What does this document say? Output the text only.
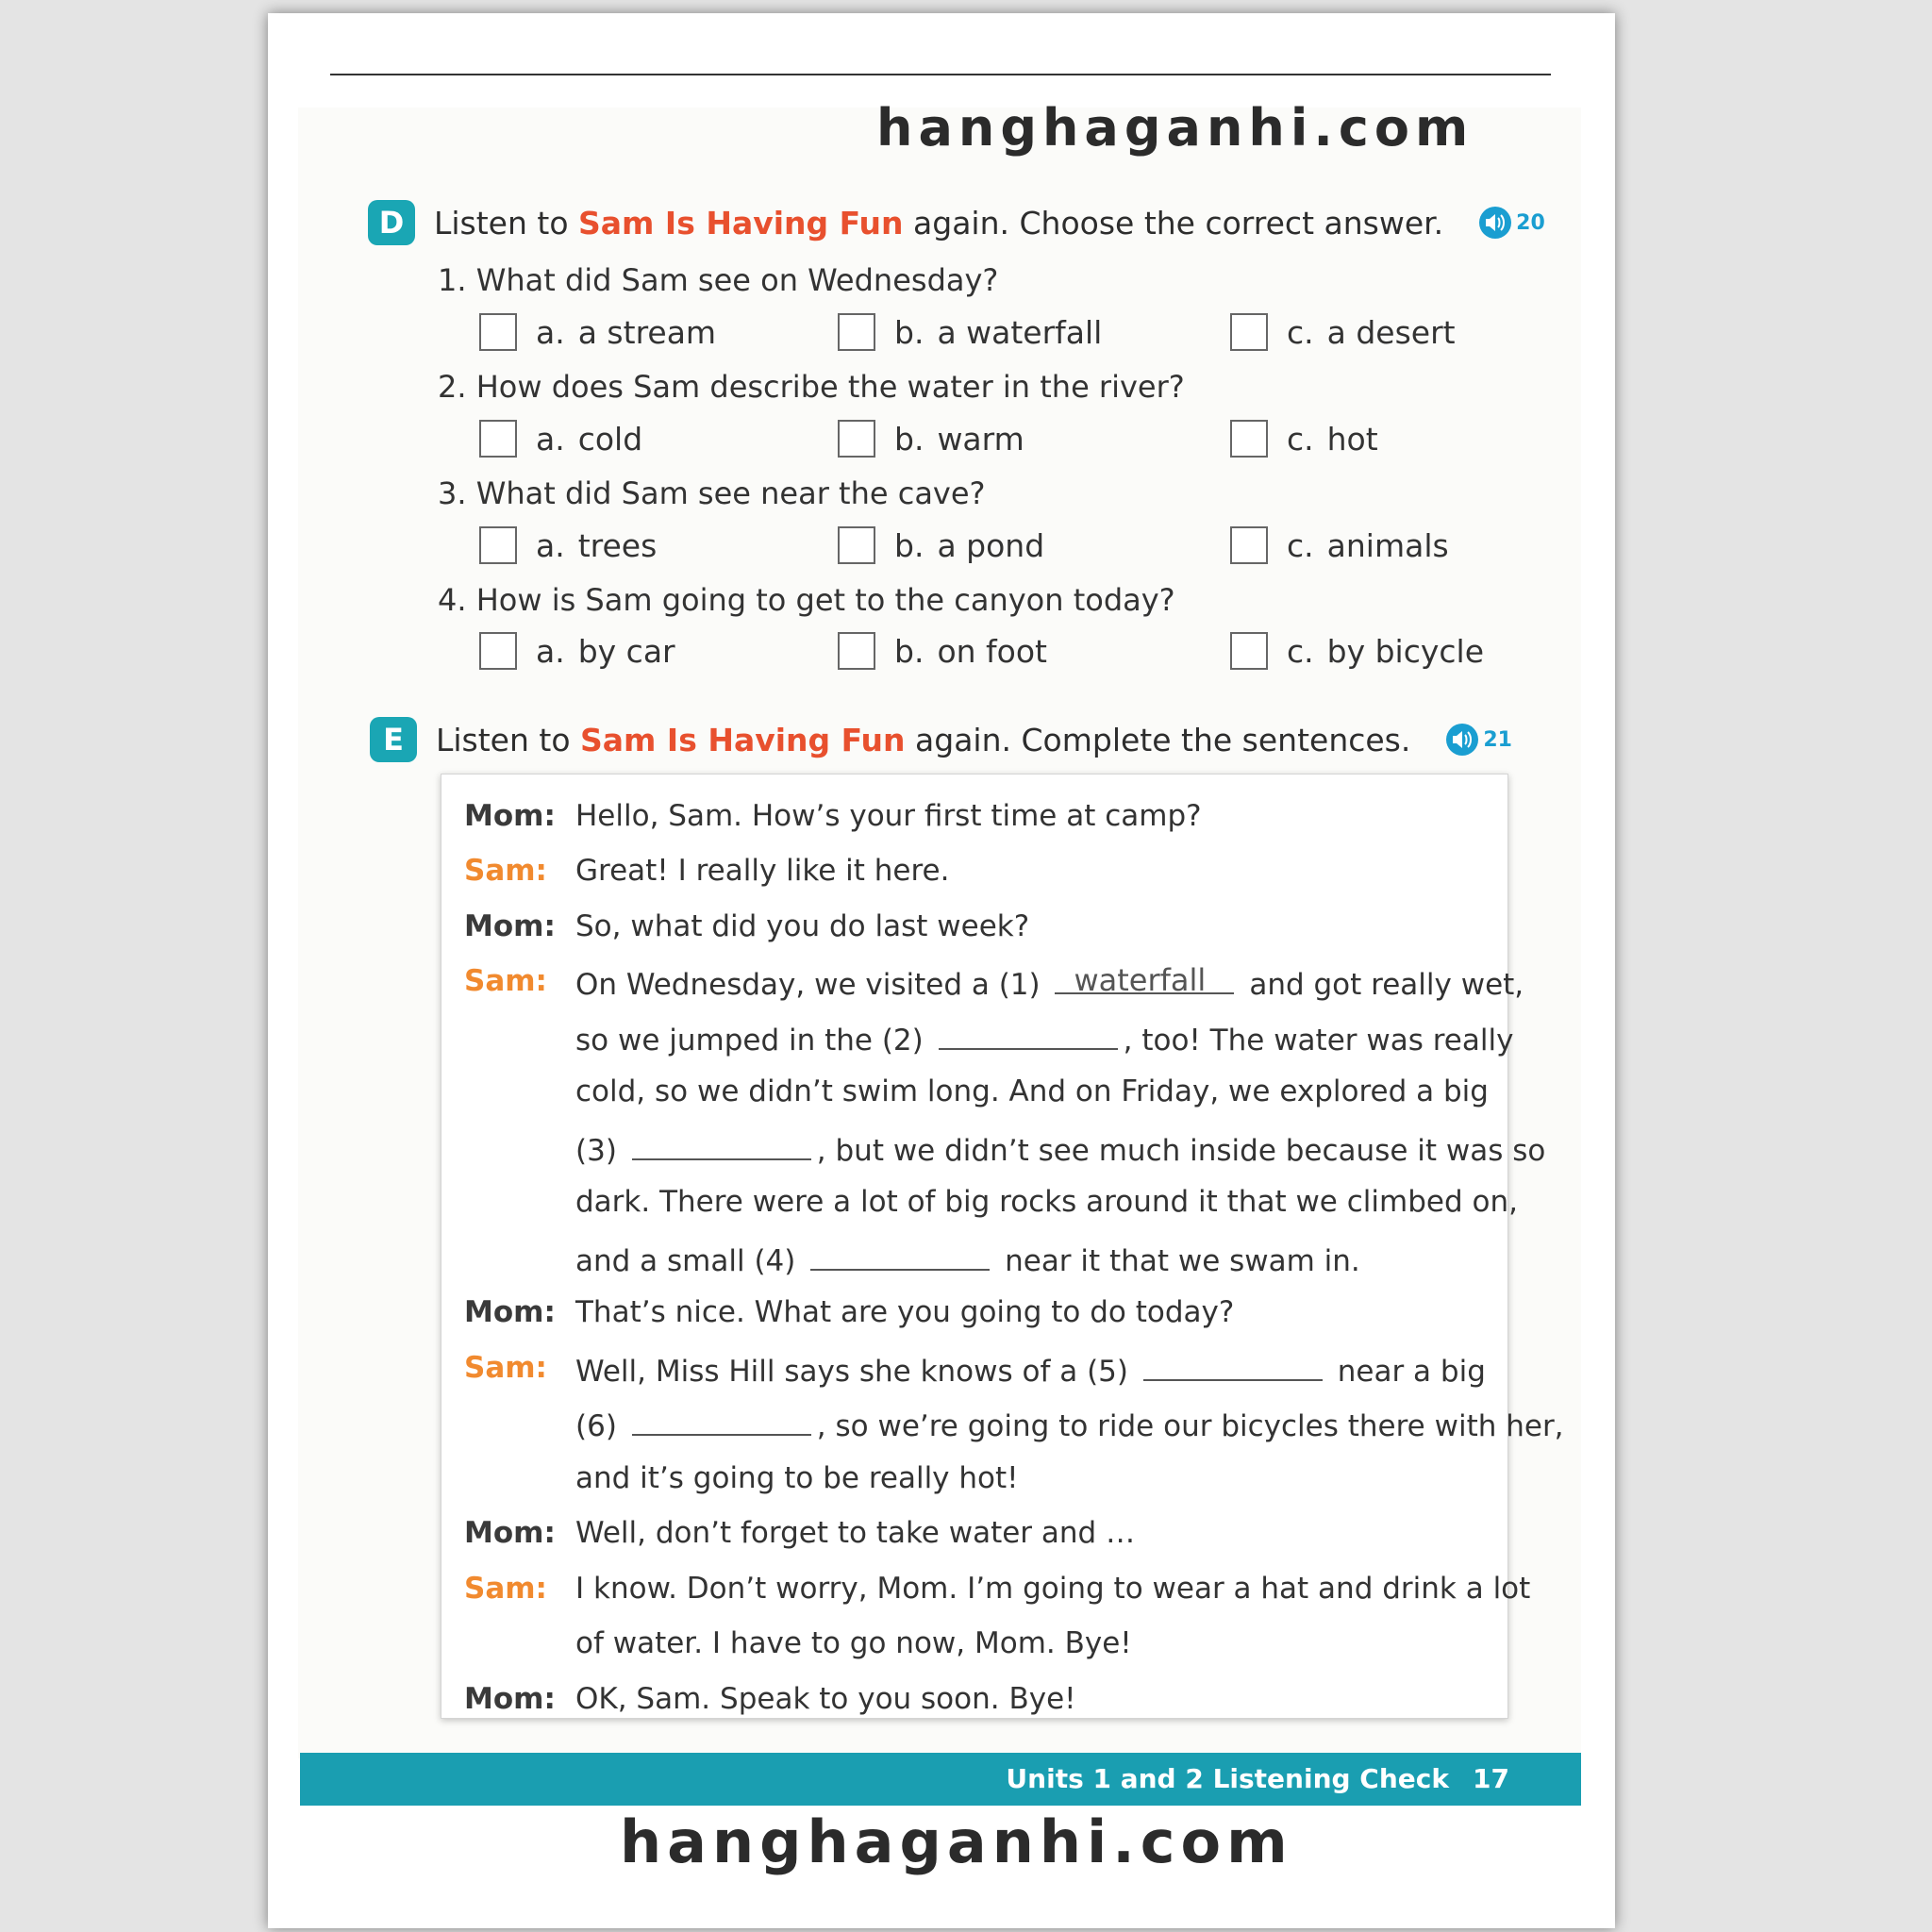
hanghaganhi.com
D Listen to Sam Is Having Fun again. Choose the correct answer.	20
1. What did Sam see on Wednesday?
a. a stream	b. a waterfall	c. a desert
2. How does Sam describe the water in the river?
a. cold	b. warm	c. hot
3. What did Sam see near the cave?
a. trees	b. a pond	c. animals
4. How is Sam going to get to the canyon today?
a. by car	b. on foot	c. by bicycle
E	Listen to Sam Is Having Fun again. Complete the sentences.	21
Mom: Hello, Sam. How’s your first time at camp?
Sam: Great! I really like it here.
Mom: So, what did you do last week?
Sam: On Wednesday, we visited a (1) waterfall and got really wet,
so we jumped in the (2)	, too! The water was really
cold, so we didn’t swim long. And on Friday, we explored a big
(3)	, but we didn’t see much inside because it was so
dark. There were a lot of big rocks around it that we climbed on,
and a small (4)	near it that we swam in.
Mom: That’s nice. What are you going to do today?
Sam: Well, Miss Hill says she knows of a (5)	near a big
(6)	, so we’re going to ride our bicycles there with her,
and it’s going to be really hot!
Mom: Well, don’t forget to take water and …
Sam: I know. Don’t worry, Mom. I’m going to wear a hat and drink a lot
of water. I have to go now, Mom. Bye!
Mom: OK, Sam. Speak to you soon. Bye!
Units 1 and 2 Listening Check 17
hanghaganhi.com
